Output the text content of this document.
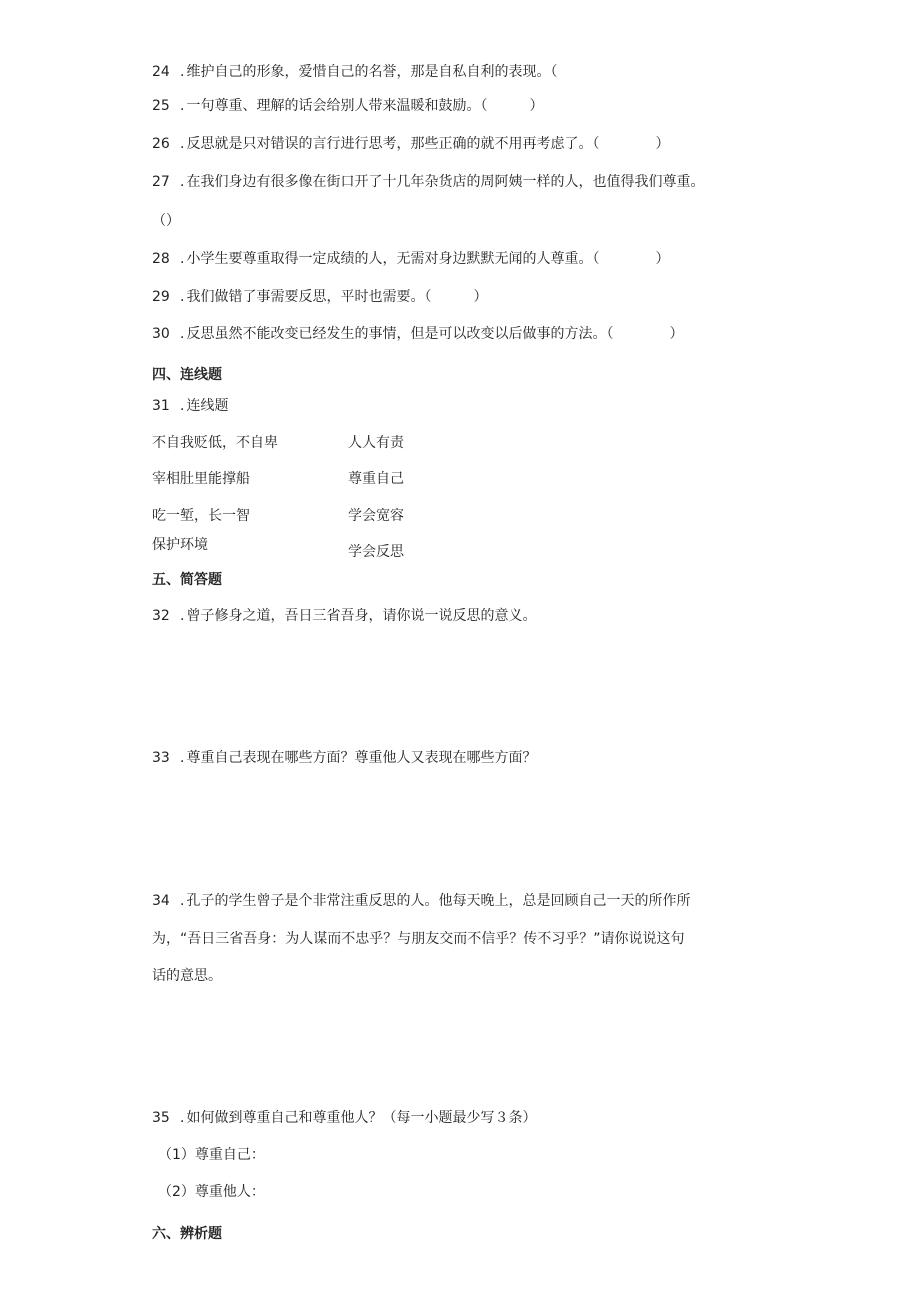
24 . 维护自己的形象，爱惜自己的名誉，那是自私自利的表现。（
25 . 一句尊重、理解的话会给别人带来温暖和鼓励。（　　　）
26 . 反思就是只对错误的言行进行思考，那些正确的就不用再考虑了。（　　　　）
27 . 在我们身边有很多像在街口开了十几年杂货店的周阿姨一样的人，也值得我们尊重。
（）
28 . 小学生要尊重取得一定成绩的人，无需对身边默默无闻的人尊重。（　　　　）
29 . 我们做错了事需要反思，平时也需要。（　　　）
30 . 反思虽然不能改变已经发生的事情，但是可以改变以后做事的方法。（　　　　）
四、连线题
31 . 连线题
不自我贬低，不自卑
宰相肚里能撑船
吃一堑，长一智
保护环境
人人有责
尊重自己
学会宽容
学会反思
五、简答题
32 . 曾子修身之道，吾日三省吾身，请你说一说反思的意义。
33 . 尊重自己表现在哪些方面？尊重他人又表现在哪些方面？
34 . 孔子的学生曾子是个非常注重反思的人。他每天晚上，总是回顾自己一天的所作所
为，“吾日三省吾身：为人谋而不忠乎？与朋友交而不信乎？传不习乎？”请你说说这句
话的意思。
35 . 如何做到尊重自己和尊重他人？（每一小题最少写３条）
（1）尊重自己：
（2）尊重他人：
六、辨析题
